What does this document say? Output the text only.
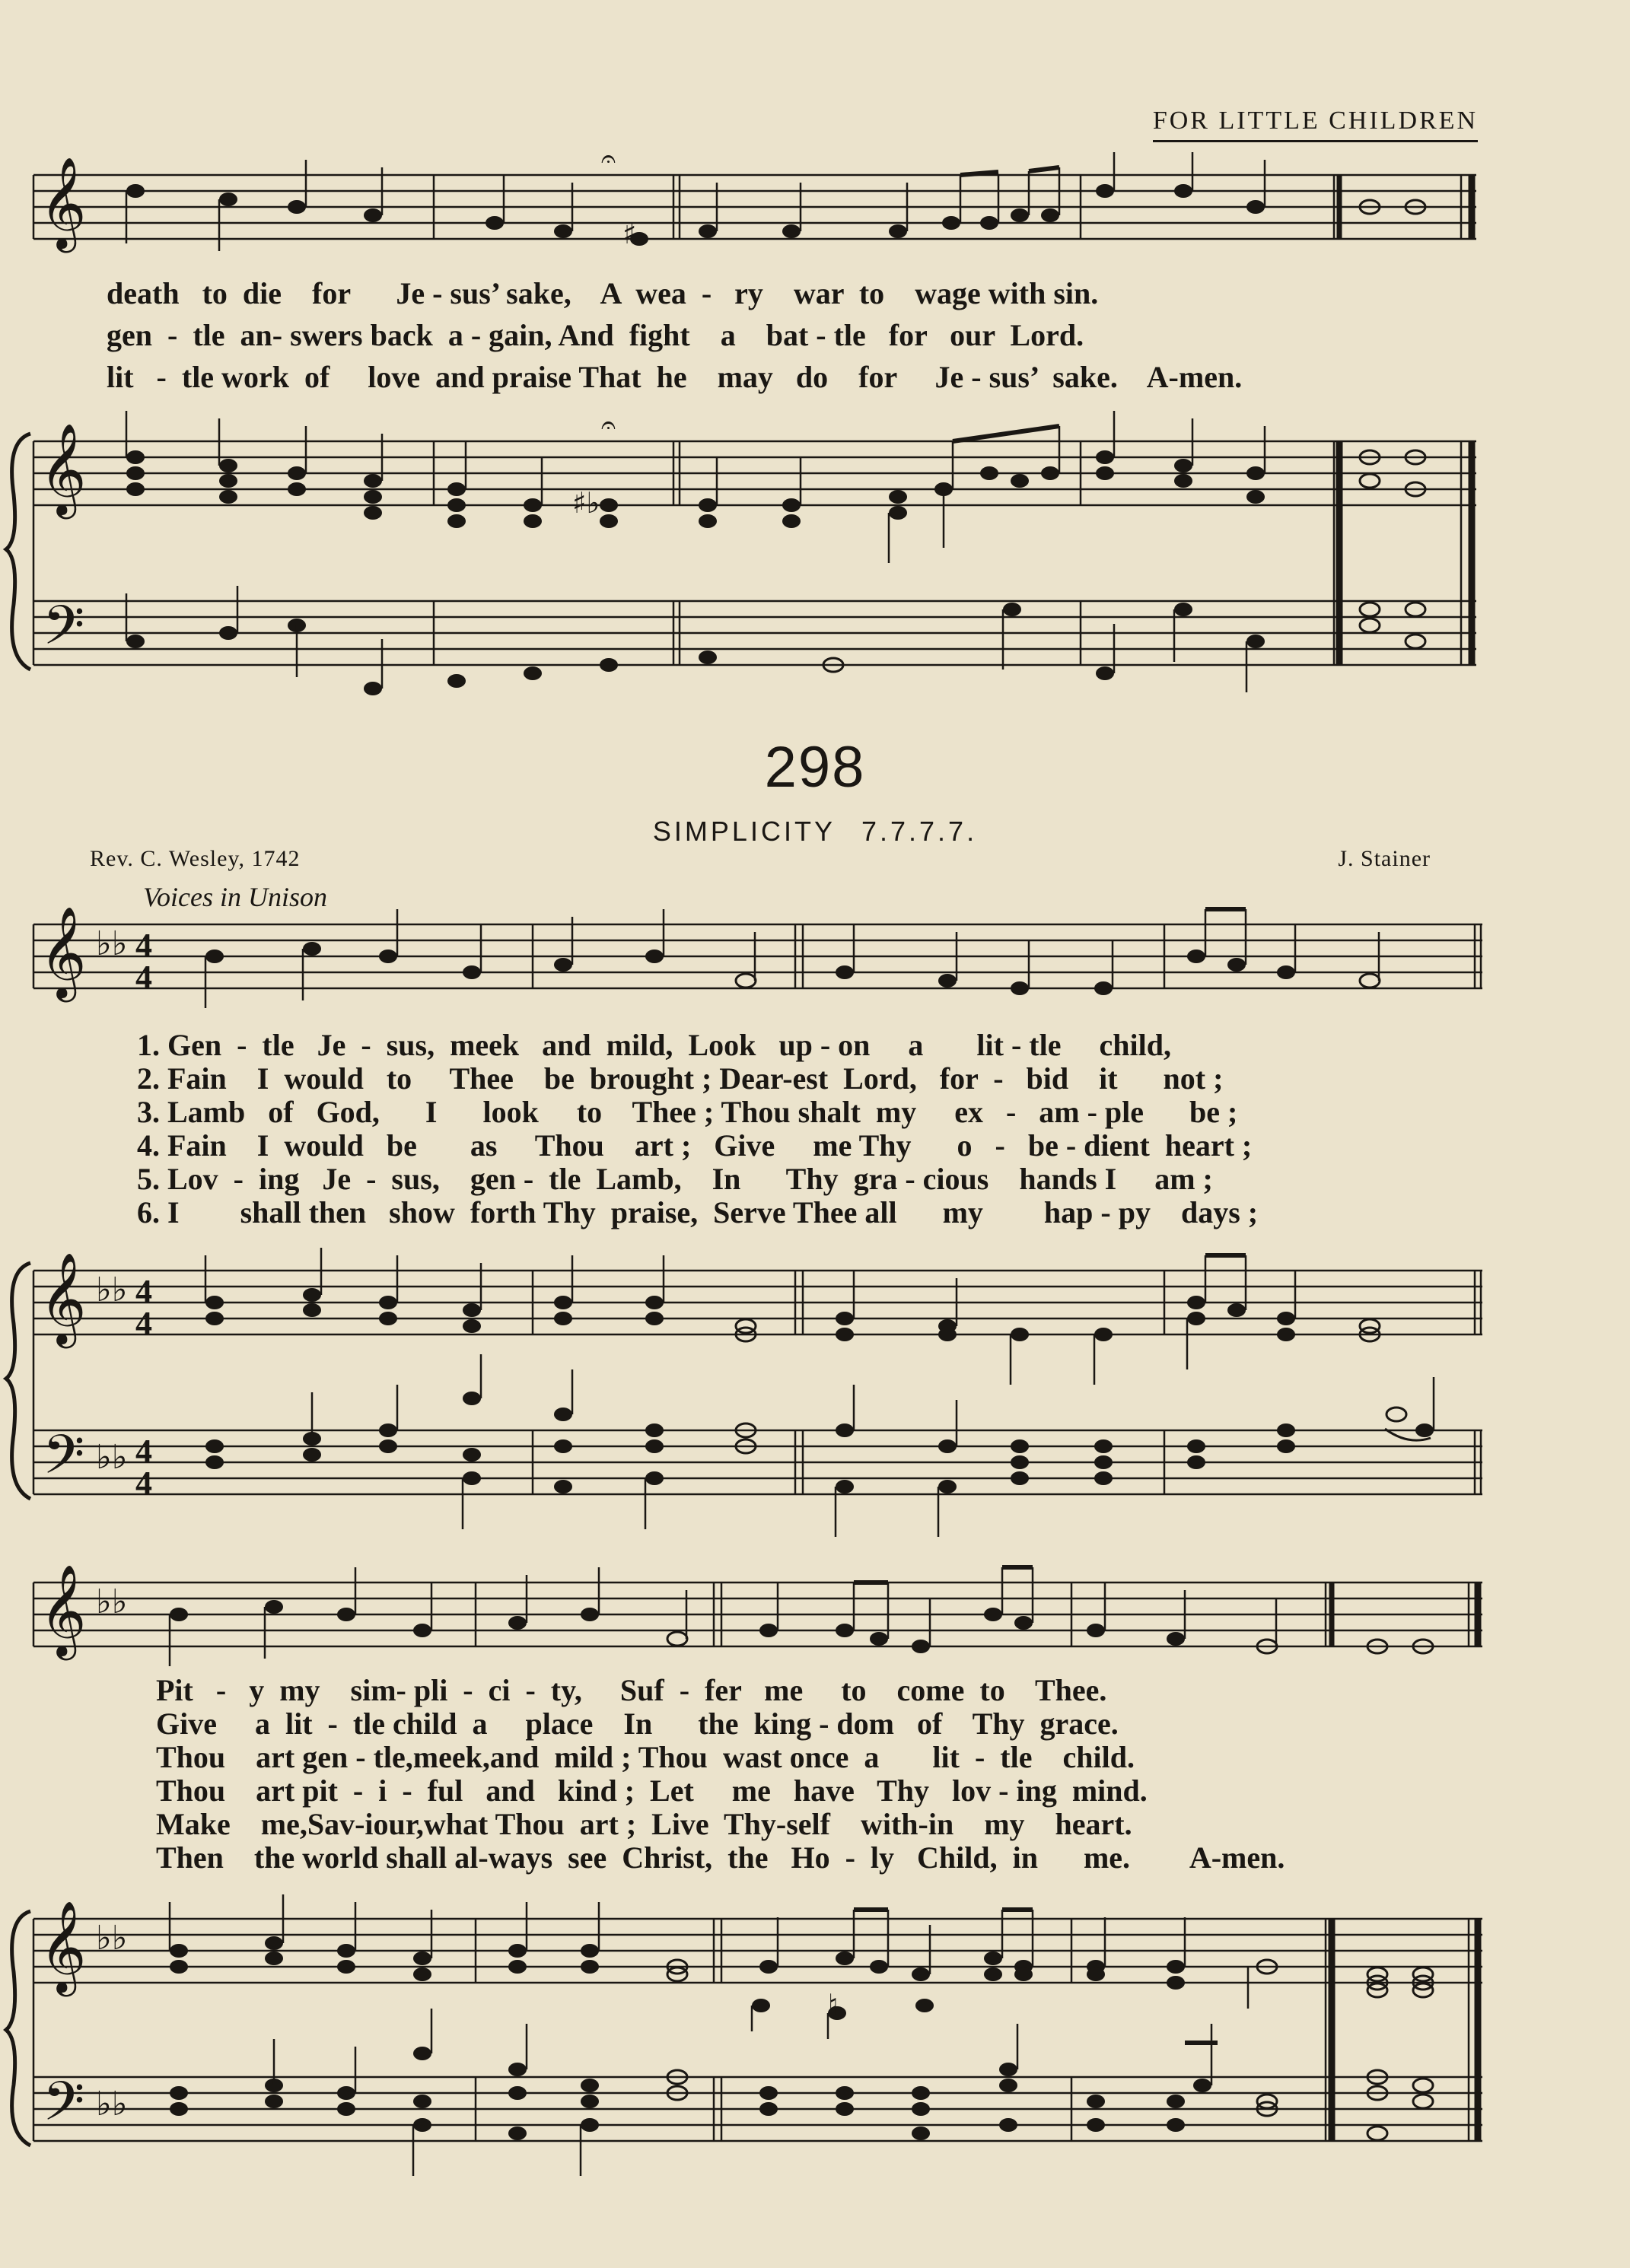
FOR LITTLE CHILDREN
𝄞	𝄐
♯
death   to  die    for      Je - sus’ sake,    A  wea  -   ry    war  to    wage with sin.
gen  -  tle  an- swers back  a - gain, And  fight    a    bat - tle   for   our  Lord.
lit   -  tle work  of     love  and praise That  he    may   do    for     Je - sus’  sake.    A-men.
𝄞
𝄢
𝄐
♯♭
298
SIMPLICITY 7.7.7.7.
Rev. C. Wesley, 1742	J. Stainer
Voices in Unison
𝄞 ♭♭ 4
4
1. Gen  -  tle   Je  -  sus,  meek   and  mild,  Look   up - on     a       lit - tle     child,
2. Fain    I  would   to     Thee    be  brought ; Dear-est  Lord,   for  -   bid    it      not ;
3. Lamb   of   God,      I      look     to    Thee ; Thou shalt  my     ex   -   am - ple      be ;
4. Fain    I  would   be       as     Thou    art ;   Give     me Thy      o   -   be - dient  heart ;
5. Lov  -  ing   Je  -  sus,    gen -  tle  Lamb,    In      Thy  gra - cious    hands I     am ;
6. I        shall then   show  forth Thy  praise,  Serve Thee all      my        hap - py    days ;
𝄞 ♭♭ 4
4
𝄢 ♭♭ 4
4
𝄞 ♭♭
Pit   -   y  my    sim- pli  -  ci  -  ty,     Suf  -  fer   me     to    come  to    Thee.
Give     a  lit  -  tle child  a     place    In      the  king - dom   of    Thy  grace.
Thou    art gen - tle,meek,and  mild ; Thou  wast once  a       lit  -  tle    child.
Thou    art pit  -  i  -  ful   and   kind ;  Let     me   have   Thy   lov - ing  mind.
Make    me,Sav-iour,what Thou  art ;  Live  Thy-self    with-in    my    heart.
Then    the world shall al-ways  see  Christ,  the   Ho  -  ly   Child,  in      me.        A-men.
𝄞 ♭♭
𝄢 ♭♭
♮
